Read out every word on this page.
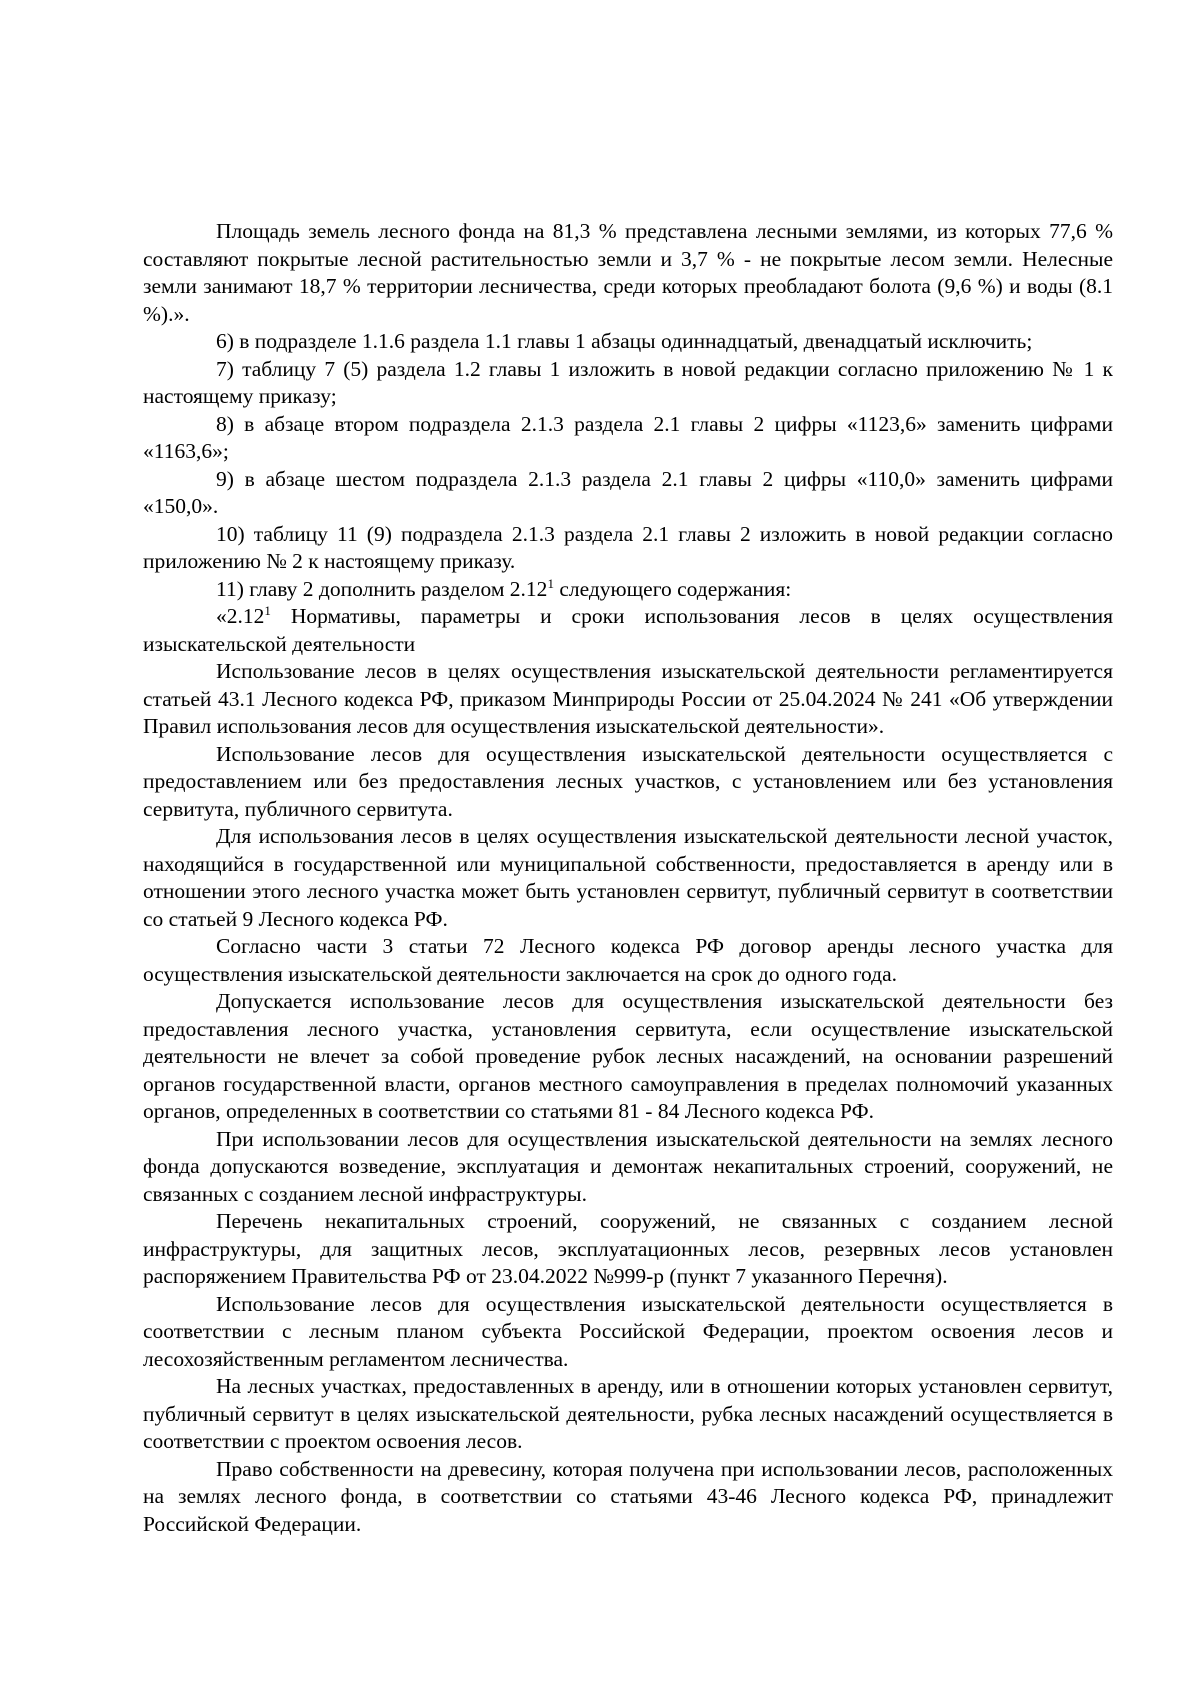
Площадь земель лесного фонда на 81,3 % представлена лесными землями, из которых 77,6 % составляют покрытые лесной растительностью земли и 3,7 % - не покрытые лесом земли. Нелесные земли занимают 18,7 % территории лесничества, среди которых преобладают болота (9,6 %) и воды (8.1 %).».

6) в подразделе 1.1.6 раздела 1.1 главы 1 абзацы одиннадцатый, двенадцатый исключить;

7) таблицу 7 (5) раздела 1.2 главы 1 изложить в новой редакции согласно приложению № 1 к настоящему приказу;

8) в абзаце втором подраздела 2.1.3 раздела 2.1 главы 2 цифры «1123,6» заменить цифрами «1163,6»;

9) в абзаце шестом подраздела 2.1.3 раздела 2.1 главы 2 цифры «110,0» заменить цифрами «150,0».

10) таблицу 11 (9) подраздела 2.1.3 раздела 2.1 главы 2 изложить в новой редакции согласно приложению № 2 к настоящему приказу.

11) главу 2 дополнить разделом 2.12$^1$ следующего содержания:

«2.12$^1$ Нормативы, параметры и сроки использования лесов в целях осуществления изыскательской деятельности

Использование лесов в целях осуществления изыскательской деятельности регламентируется статьей 43.1 Лесного кодекса РФ, приказом Минприроды России от 25.04.2024 № 241 «Об утверждении Правил использования лесов для осуществления изыскательской деятельности».

Использование лесов для осуществления изыскательской деятельности осуществляется с предоставлением или без предоставления лесных участков, с установлением или без установления сервитута, публичного сервитута.

Для использования лесов в целях осуществления изыскательской деятельности лесной участок, находящийся в государственной или муниципальной собственности, предоставляется в аренду или в отношении этого лесного участка может быть установлен сервитут, публичный сервитут в соответствии со статьей 9 Лесного кодекса РФ.

Согласно части 3 статьи 72 Лесного кодекса РФ договор аренды лесного участка для осуществления изыскательской деятельности заключается на срок до одного года.

Допускается использование лесов для осуществления изыскательской деятельности без предоставления лесного участка, установления сервитута, если осуществление изыскательской деятельности не влечет за собой проведение рубок лесных насаждений, на основании разрешений органов государственной власти, органов местного самоуправления в пределах полномочий указанных органов, определенных в соответствии со статьями 81 - 84 Лесного кодекса РФ.

При использовании лесов для осуществления изыскательской деятельности на землях лесного фонда допускаются возведение, эксплуатация и демонтаж некапитальных строений, сооружений, не связанных с созданием лесной инфраструктуры.

Перечень некапитальных строений, сооружений, не связанных с созданием лесной инфраструктуры, для защитных лесов, эксплуатационных лесов, резервных лесов установлен распоряжением Правительства РФ от 23.04.2022 №999-р (пункт 7 указанного Перечня).

Использование лесов для осуществления изыскательской деятельности осуществляется в соответствии с лесным планом субъекта Российской Федерации, проектом освоения лесов и лесохозяйственным регламентом лесничества.

На лесных участках, предоставленных в аренду, или в отношении которых установлен сервитут, публичный сервитут в целях изыскательской деятельности, рубка лесных насаждений осуществляется в соответствии с проектом освоения лесов.

Право собственности на древесину, которая получена при использовании лесов, расположенных на землях лесного фонда, в соответствии со статьями 43-46 Лесного кодекса РФ, принадлежит Российской Федерации.
